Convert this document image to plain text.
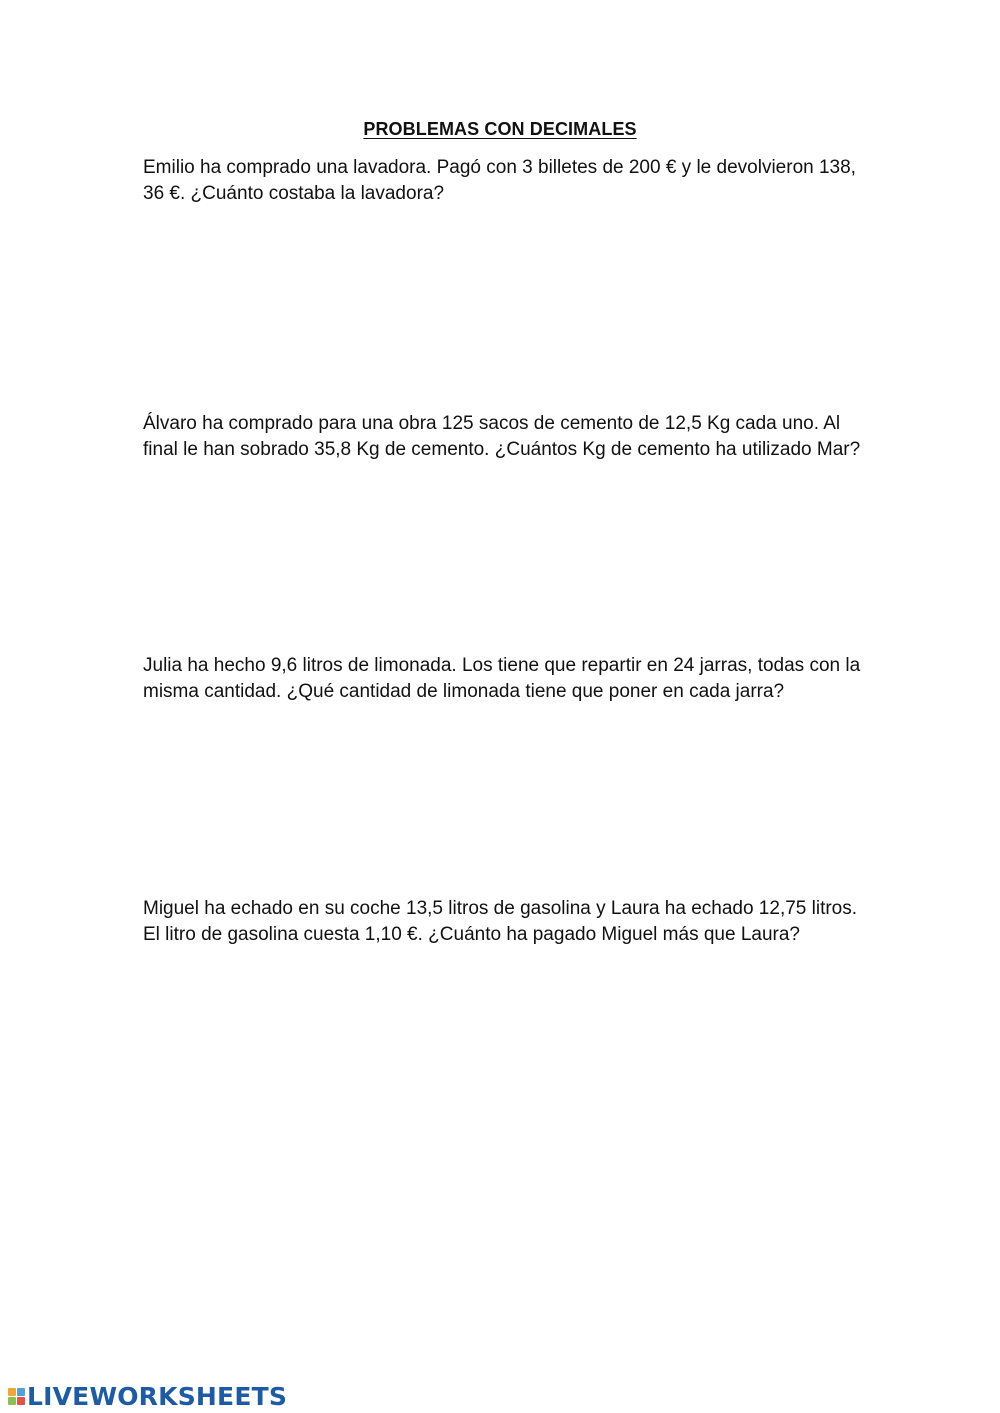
PROBLEMAS CON DECIMALES

Emilio ha comprado una lavadora. Pagó con 3 billetes de 200 € y le devolvieron 138, 36 €. ¿Cuánto costaba la lavadora?

Álvaro ha comprado para una obra 125 sacos de cemento de 12,5 Kg cada uno. Al final le han sobrado 35,8 Kg de cemento. ¿Cuántos Kg de cemento ha utilizado Mar?

Julia ha hecho 9,6 litros de limonada. Los tiene que repartir en 24 jarras, todas con la misma cantidad. ¿Qué cantidad de limonada tiene que poner en cada jarra?

Miguel ha echado en su coche 13,5 litros de gasolina y Laura ha echado 12,75 litros. El litro de gasolina cuesta 1,10 €. ¿Cuánto ha pagado Miguel más que Laura?

LIVEWORKSHEETS
